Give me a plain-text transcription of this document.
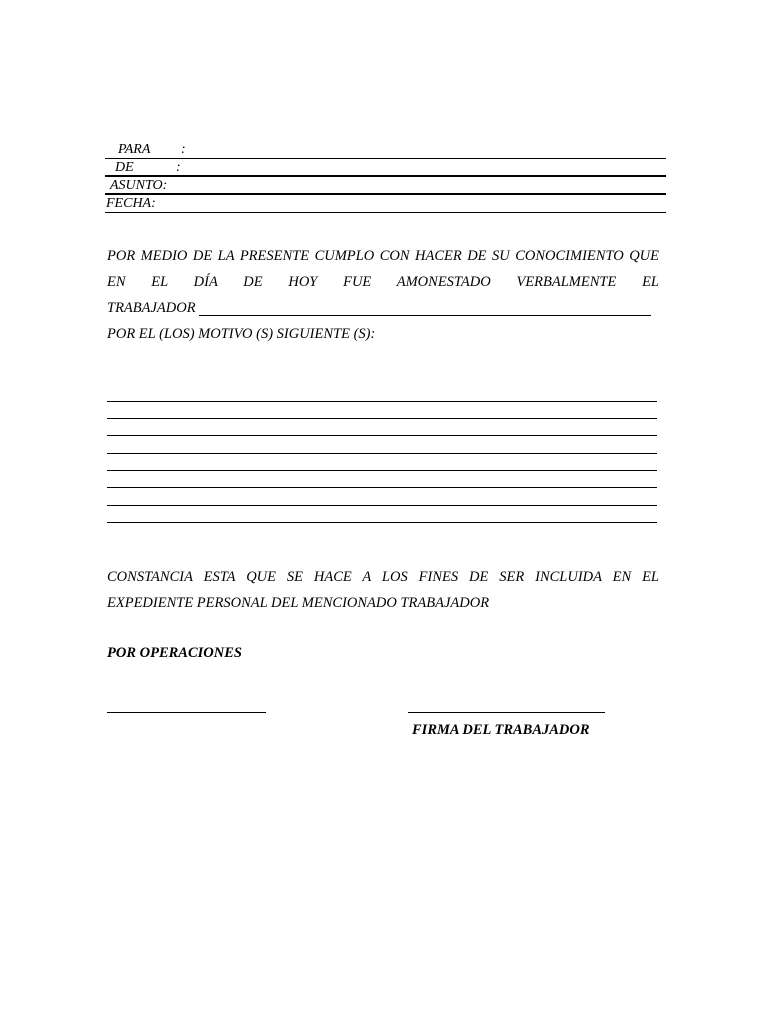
PARA :
DE	:
ASUNTO:
FECHA:
POR MEDIO DE LA PRESENTE CUMPLO CON HACER DE SU CONOCIMIENTO QUE
EN EL DÍA DE HOY FUE AMONESTADO VERBALMENTE EL
TRABAJADOR
POR EL (LOS) MOTIVO (S) SIGUIENTE (S):
CONSTANCIA ESTA QUE SE HACE A LOS FINES DE SER INCLUIDA EN EL
EXPEDIENTE PERSONAL DEL MENCIONADO TRABAJADOR
POR OPERACIONES
FIRMA DEL TRABAJADOR
